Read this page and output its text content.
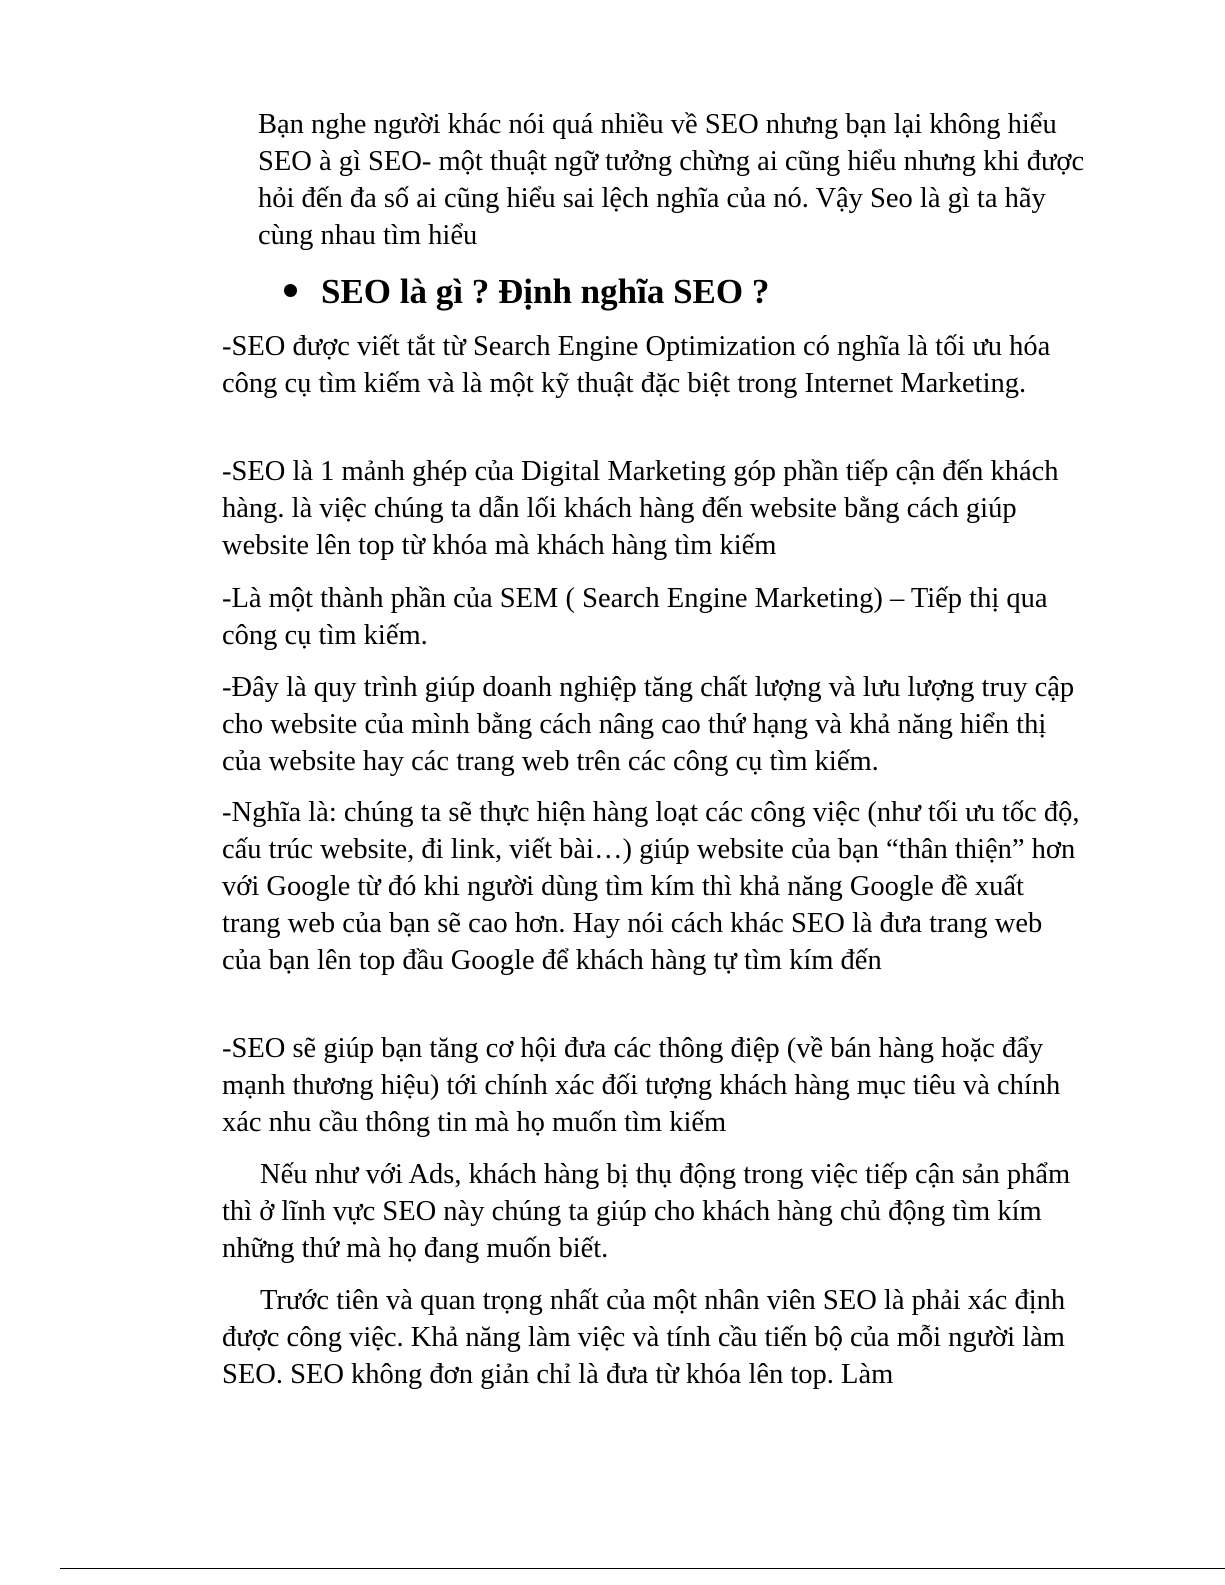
Bạn nghe người khác nói quá nhiều về SEO nhưng bạn lại không hiểu SEO à gì SEO- một thuật ngữ tưởng chừng ai cũng hiểu nhưng khi được hỏi đến đa số ai cũng hiểu sai lệch nghĩa của nó. Vậy Seo là gì ta hãy cùng nhau tìm hiểu

SEO là gì ? Định nghĩa SEO ?

-SEO được viết tắt từ Search Engine Optimization có nghĩa là tối ưu hóa công cụ tìm kiếm và là một kỹ thuật đặc biệt trong Internet Marketing.

-SEO là 1 mảnh ghép của Digital Marketing góp phần tiếp cận đến khách hàng. là việc chúng ta dẫn lối khách hàng đến website bằng cách giúp website lên top từ khóa mà khách hàng tìm kiếm

-Là một thành phần của SEM ( Search Engine Marketing) – Tiếp thị qua công cụ tìm kiếm.

-Đây là quy trình giúp doanh nghiệp tăng chất lượng và lưu lượng truy cập cho website của mình bằng cách nâng cao thứ hạng và khả năng hiển thị của website hay các trang web trên các công cụ tìm kiếm.

-Nghĩa là: chúng ta sẽ thực hiện hàng loạt các công việc (như tối ưu tốc độ, cấu trúc website, đi link, viết bài…) giúp website của bạn “thân thiện” hơn với Google từ đó khi người dùng tìm kím thì khả năng Google đề xuất trang web của bạn sẽ cao hơn. Hay nói cách khác SEO là đưa trang web của bạn lên top đầu Google để khách hàng tự tìm kím đến

-SEO sẽ giúp bạn tăng cơ hội đưa các thông điệp (về bán hàng hoặc đẩy mạnh thương hiệu) tới chính xác đối tượng khách hàng mục tiêu và chính xác nhu cầu thông tin mà họ muốn tìm kiếm

Nếu như với Ads, khách hàng bị thụ động trong việc tiếp cận sản phẩm thì ở lĩnh vực SEO này chúng ta giúp cho khách hàng chủ động tìm kím những thứ mà họ đang muốn biết.

Trước tiên và quan trọng nhất của một nhân viên SEO là phải xác định được công việc. Khả năng làm việc và tính cầu tiến bộ của mỗi người làm SEO. SEO không đơn giản chỉ là đưa từ khóa lên top. Làm
